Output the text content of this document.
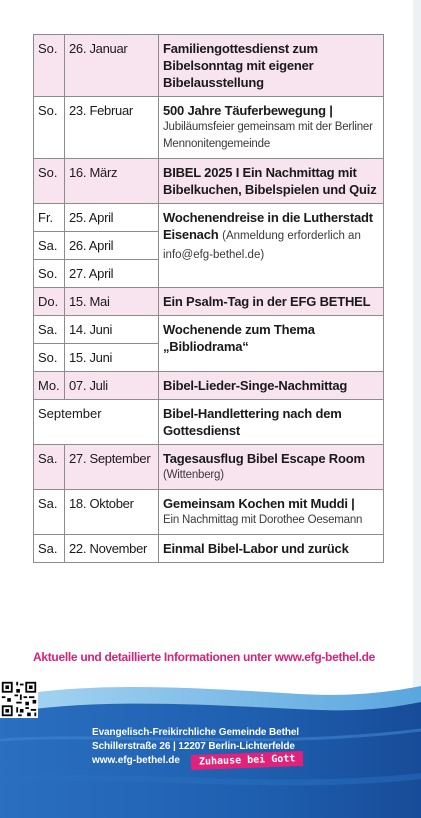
So.	26. Januar	Familiengottesdienst zum Bibelsonntag mit eigener Bibelausstellung

So.	23. Februar	500 Jahre Täuferbewegung |
Jubiläumsfeier gemeinsam mit der Berliner Mennonitengemeinde

So.	16. März	BIBEL 2025 I Ein Nachmittag mit Bibelkuchen, Bibelspielen und Quiz

Fr.	25. April	Wochenendreise in die Lutherstadt Eisenach (Anmeldung erforderlich an info@efg-bethel.de)
Sa.	26. April	
So.	27. April	
Do.	15. Mai	Ein Psalm-Tag in der EFG BETHEL

Sa.	14. Juni	Wochenende zum Thema „Bibliodrama“

So.	15. Juni	
Mo.	07. Juli	Bibel-Lieder-Singe-Nachmittag

September		Bibel-Handlettering nach dem Gottesdienst

Sa.	27. September	Tagesausflug Bibel Escape Room
(Wittenberg)

Sa.	18. Oktober	Gemeinsam Kochen mit Muddi |
Ein Nachmittag mit Dorothee Oesemann

Sa.	22. November	Einmal Bibel-Labor und zurück
Aktuelle und detaillierte Informationen unter www.efg-bethel.de
Evangelisch-Freikirchliche Gemeinde Bethel
Schillerstraße 26 | 12207 Berlin-Lichterfelde
www.efg-bethel.de	Zuhause bei Gott
